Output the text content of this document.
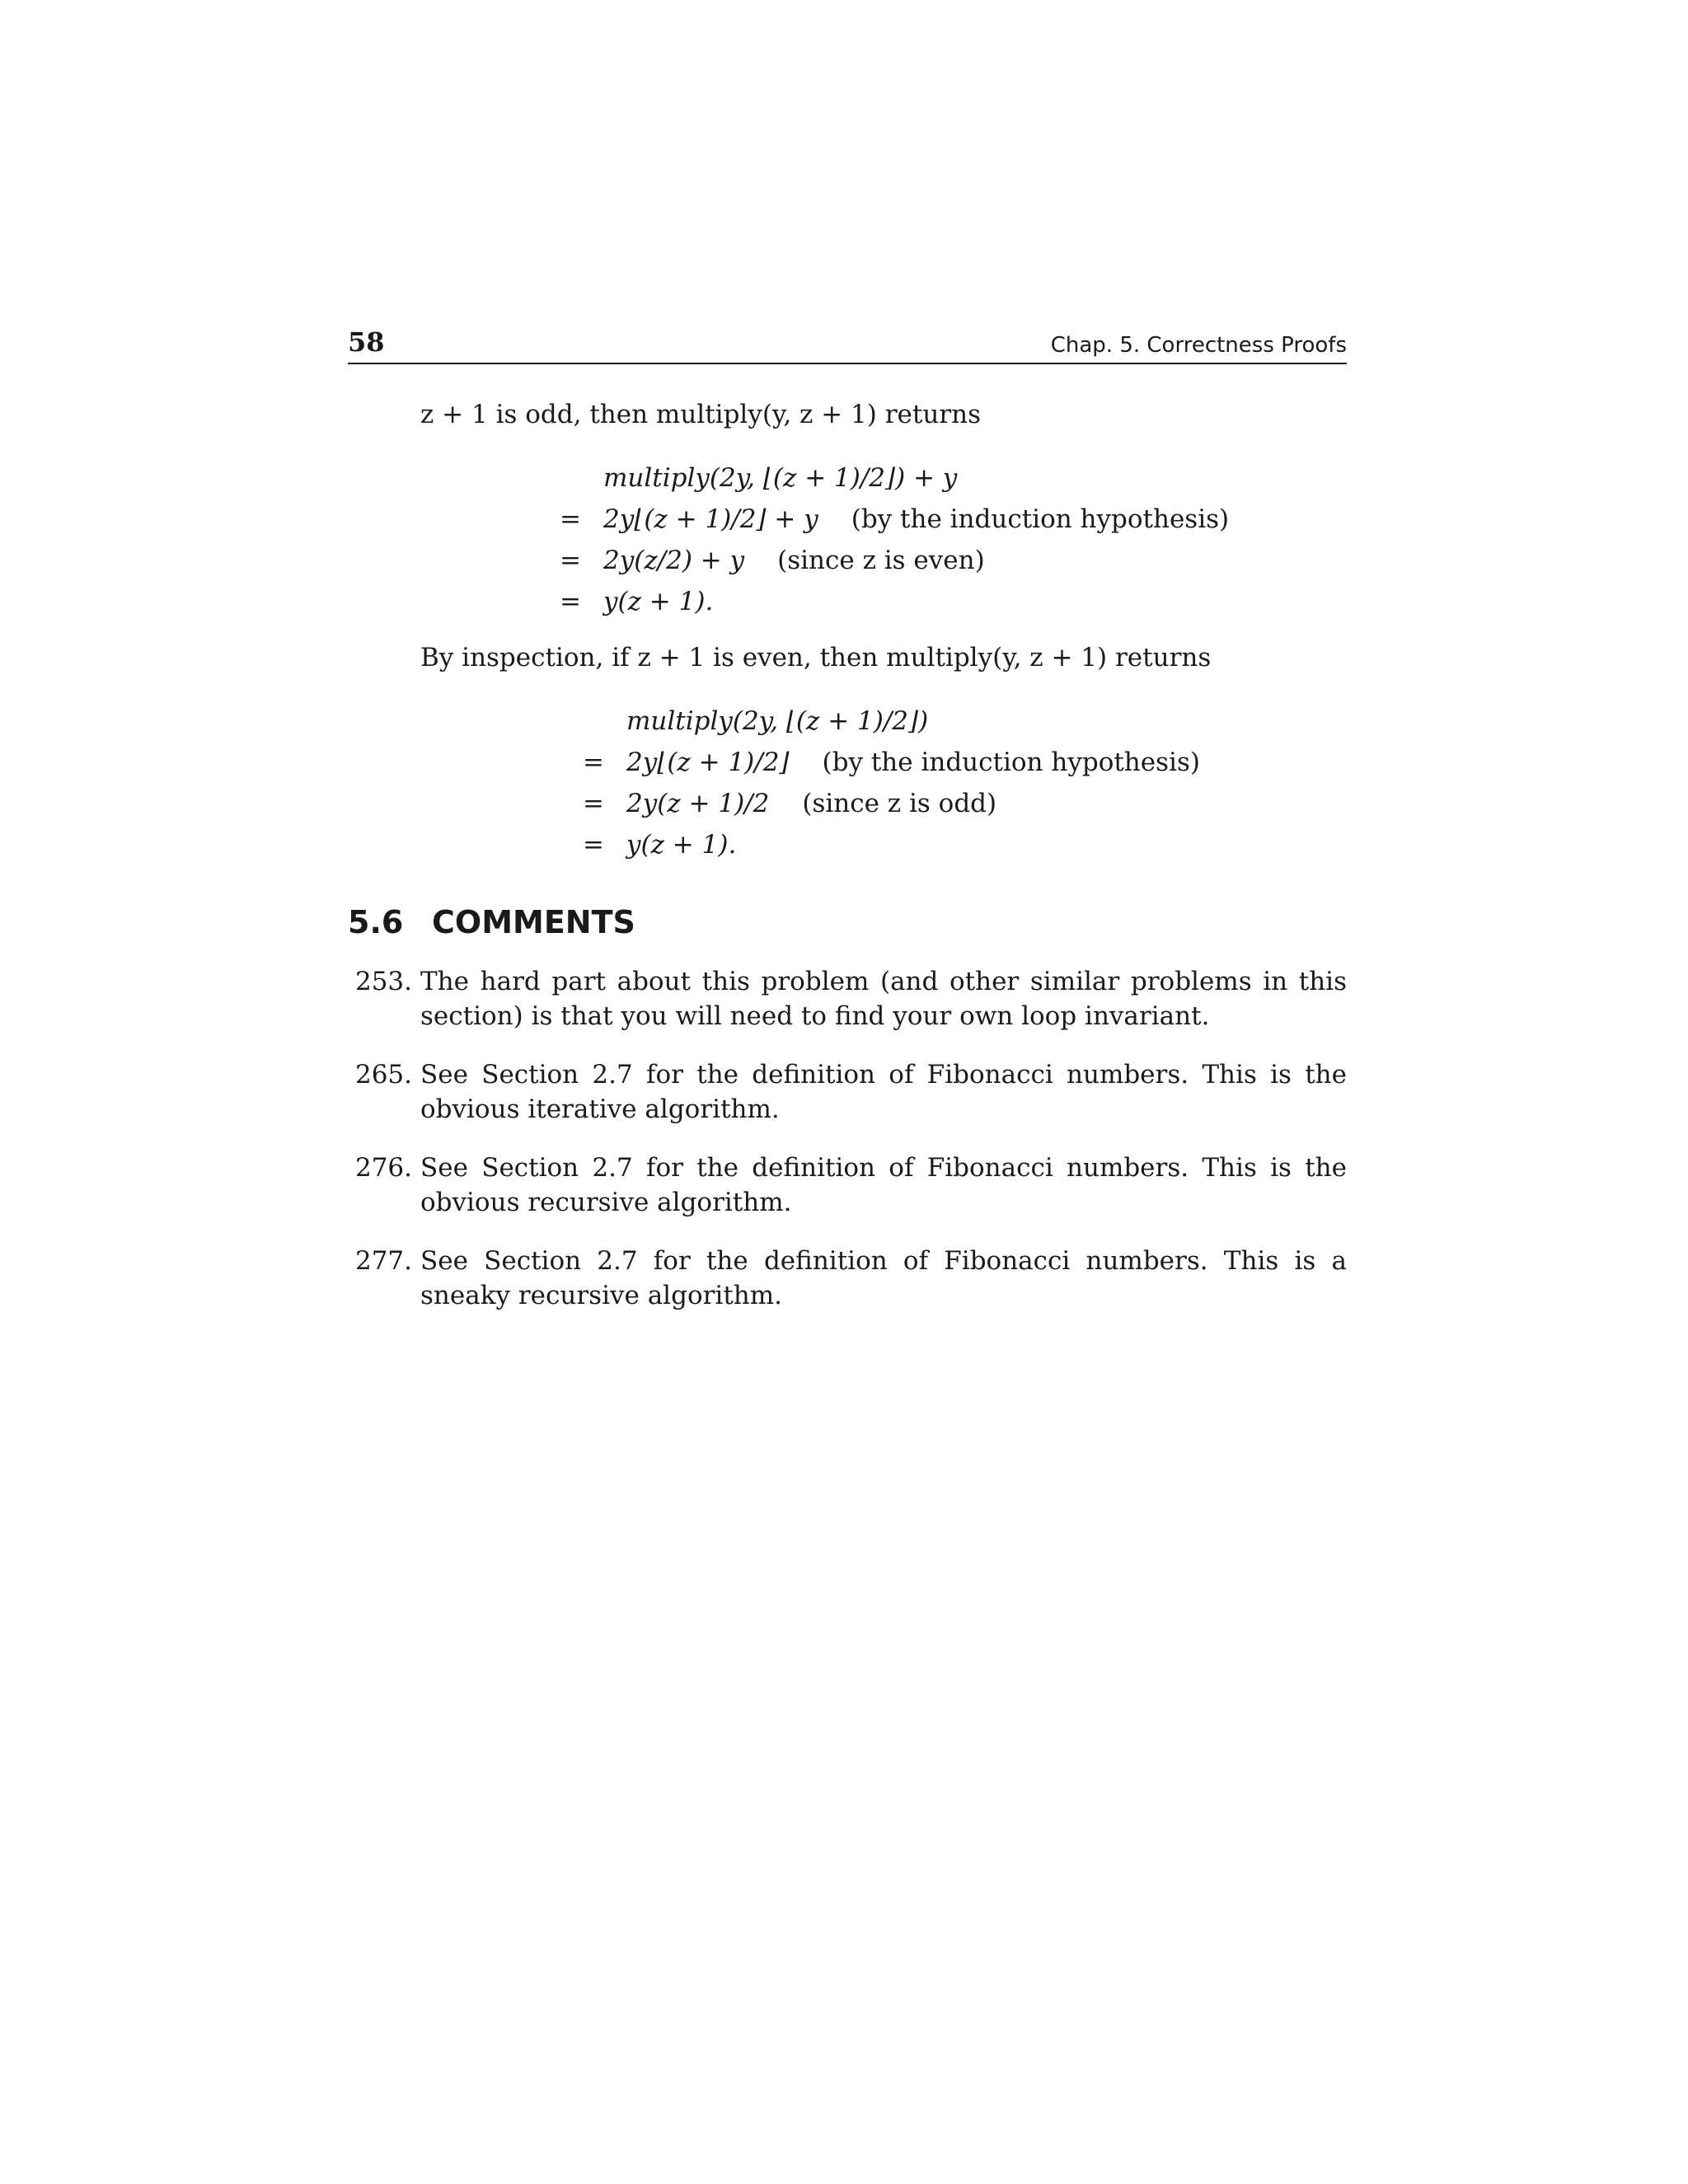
58	Chap. 5. Correctness Proofs
z + 1 is odd, then multiply(y, z + 1) returns
multiply(2y, ⌊(z + 1)/2⌋) + y
= 2y⌊(z + 1)/2⌋ + y (by the induction hypothesis)
= 2y(z/2) + y (since z is even)
= y(z + 1).
By inspection, if z + 1 is even, then multiply(y, z + 1) returns
multiply(2y, ⌊(z + 1)/2⌋)
= 2y⌊(z + 1)/2⌋ (by the induction hypothesis)
= 2y(z + 1)/2 (since z is odd)
= y(z + 1).
5.6 COMMENTS
253. The hard part about this problem (and other similar problems in this section) is that you will need to find your own loop invariant.
265. See Section 2.7 for the definition of Fibonacci numbers. This is the obvious iterative algorithm.
276. See Section 2.7 for the definition of Fibonacci numbers. This is the obvious recursive algorithm.
277. See Section 2.7 for the definition of Fibonacci numbers. This is a sneaky recursive algorithm.
